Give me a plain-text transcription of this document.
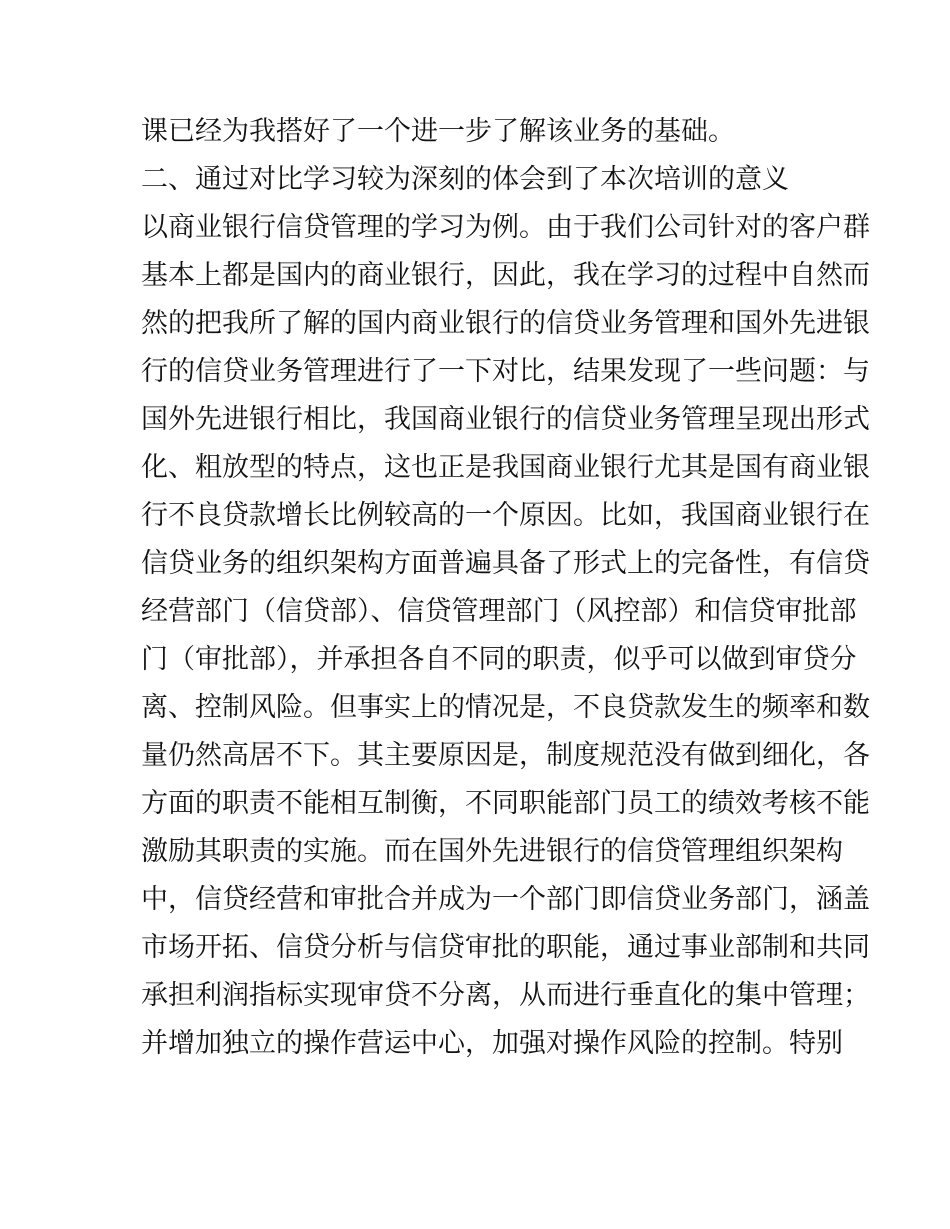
课已经为我搭好了一个进一步了解该业务的基础。
二、通过对比学习较为深刻的体会到了本次培训的意义
以商业银行信贷管理的学习为例。由于我们公司针对的客户群
基本上都是国内的商业银行，因此，我在学习的过程中自然而
然的把我所了解的国内商业银行的信贷业务管理和国外先进银
行的信贷业务管理进行了一下对比，结果发现了一些问题：与
国外先进银行相比，我国商业银行的信贷业务管理呈现出形式
化、粗放型的特点，这也正是我国商业银行尤其是国有商业银
行不良贷款增长比例较高的一个原因。比如，我国商业银行在
信贷业务的组织架构方面普遍具备了形式上的完备性，有信贷
经营部门（信贷部）、信贷管理部门（风控部）和信贷审批部
门（审批部），并承担各自不同的职责，似乎可以做到审贷分
离、控制风险。但事实上的情况是，不良贷款发生的频率和数
量仍然高居不下。其主要原因是，制度规范没有做到细化，各
方面的职责不能相互制衡，不同职能部门员工的绩效考核不能
激励其职责的实施。而在国外先进银行的信贷管理组织架构
中，信贷经营和审批合并成为一个部门即信贷业务部门，涵盖
市场开拓、信贷分析与信贷审批的职能，通过事业部制和共同
承担利润指标实现审贷不分离，从而进行垂直化的集中管理；
并增加独立的操作营运中心，加强对操作风险的控制。特别
